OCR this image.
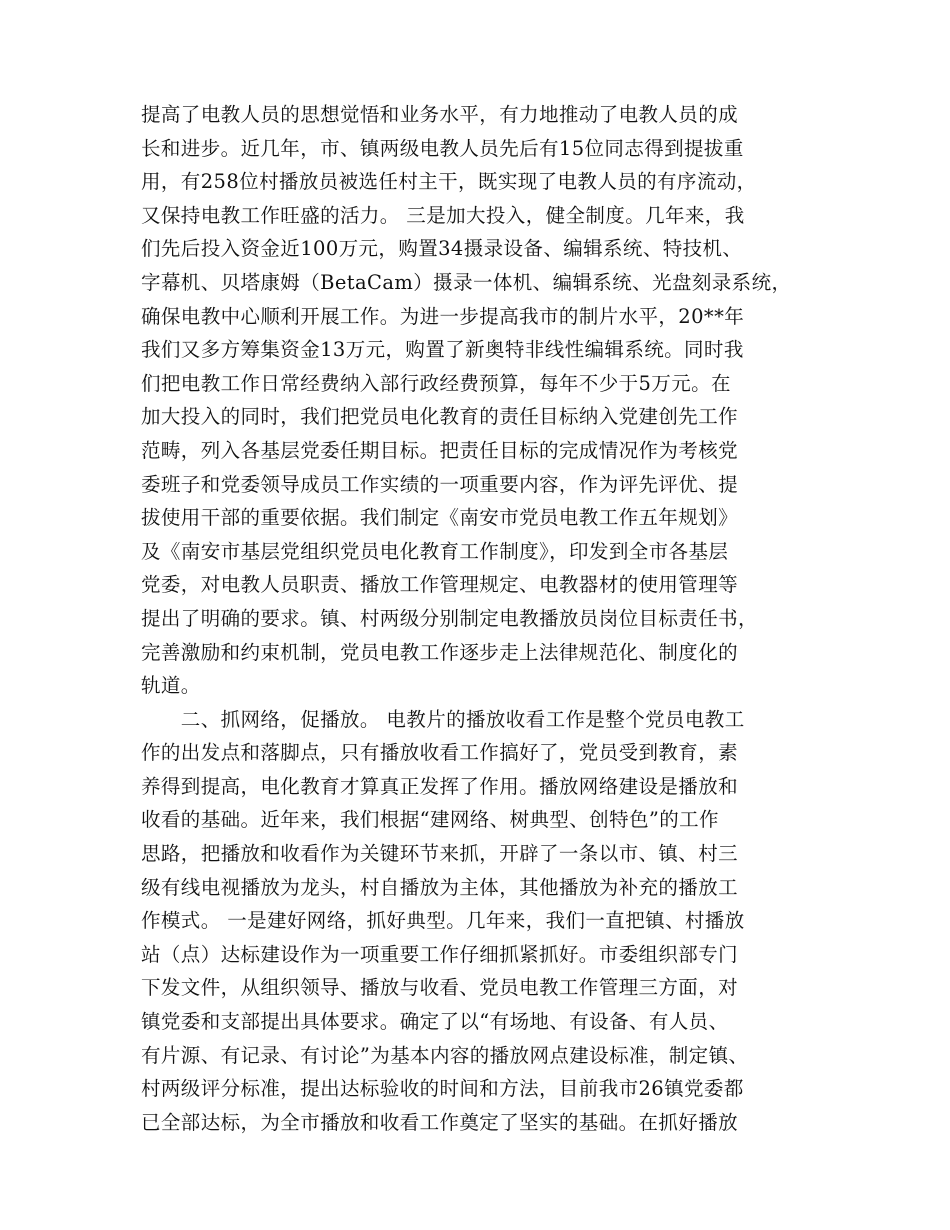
提高了电教人员的思想觉悟和业务水平，有力地推动了电教人员的成
长和进步。近几年，市、镇两级电教人员先后有15位同志得到提拔重
用，有258位村播放员被选任村主干，既实现了电教人员的有序流动，
又保持电教工作旺盛的活力。 三是加大投入，健全制度。几年来，我
们先后投入资金近100万元，购置34摄录设备、编辑系统、特技机、
字幕机、贝塔康姆（BetaCam）摄录一体机、编辑系统、光盘刻录系统，
确保电教中心顺利开展工作。为进一步提高我市的制片水平，20**年
我们又多方筹集资金13万元，购置了新奥特非线性编辑系统。同时我
们把电教工作日常经费纳入部行政经费预算，每年不少于5万元。在
加大投入的同时，我们把党员电化教育的责任目标纳入党建创先工作
范畴，列入各基层党委任期目标。把责任目标的完成情况作为考核党
委班子和党委领导成员工作实绩的一项重要内容，作为评先评优、提
拔使用干部的重要依据。我们制定《南安市党员电教工作五年规划》
及《南安市基层党组织党员电化教育工作制度》，印发到全市各基层
党委，对电教人员职责、播放工作管理规定、电教器材的使用管理等
提出了明确的要求。镇、村两级分别制定电教播放员岗位目标责任书，
完善激励和约束机制，党员电教工作逐步走上法律规范化、制度化的
轨道。
　　二、抓网络，促播放。 电教片的播放收看工作是整个党员电教工
作的出发点和落脚点，只有播放收看工作搞好了，党员受到教育，素
养得到提高，电化教育才算真正发挥了作用。播放网络建设是播放和
收看的基础。近年来，我们根据“建网络、树典型、创特色”的工作
思路，把播放和收看作为关键环节来抓，开辟了一条以市、镇、村三
级有线电视播放为龙头，村自播放为主体，其他播放为补充的播放工
作模式。 一是建好网络，抓好典型。几年来，我们一直把镇、村播放
站（点）达标建设作为一项重要工作仔细抓紧抓好。市委组织部专门
下发文件，从组织领导、播放与收看、党员电教工作管理三方面，对
镇党委和支部提出具体要求。确定了以“有场地、有设备、有人员、
有片源、有记录、有讨论”为基本内容的播放网点建设标准，制定镇、
村两级评分标准，提出达标验收的时间和方法，目前我市26镇党委都
已全部达标，为全市播放和收看工作奠定了坚实的基础。在抓好播放
